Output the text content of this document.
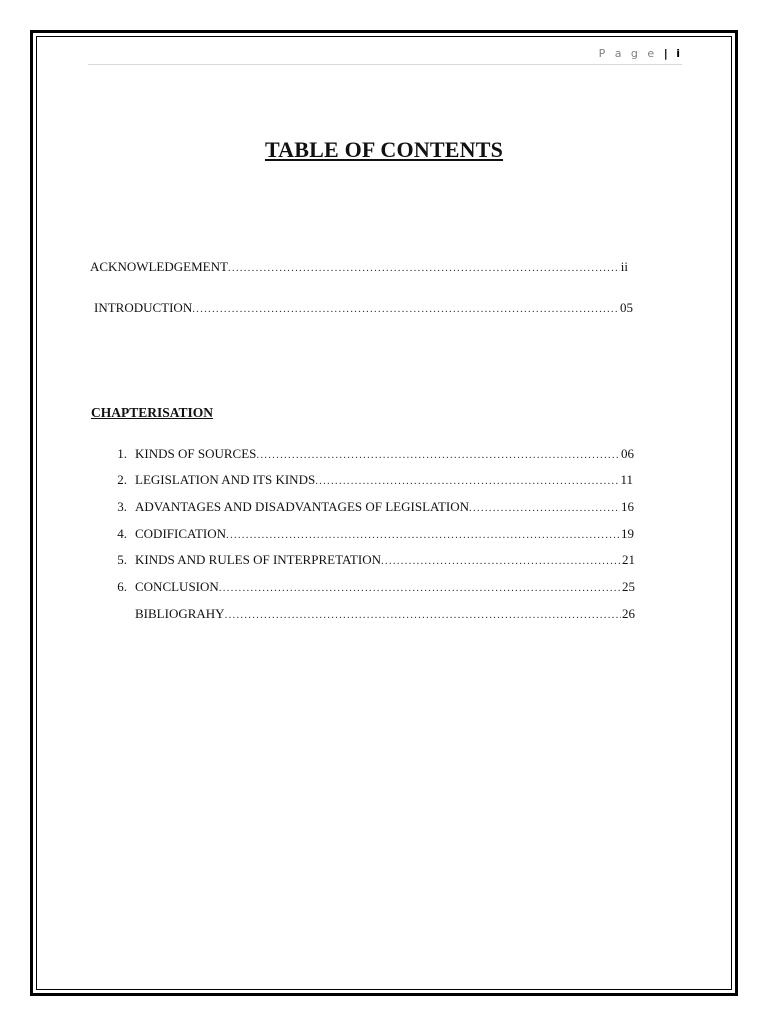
P a g e | i
TABLE OF CONTENTS
ACKNOWLEDGEMENT .....	ii
INTRODUCTION .....	05
CHAPTERISATION
1. KINDS OF SOURCES .....	06
2. LEGISLATION AND ITS KINDS .....	11
3. ADVANTAGES AND DISADVANTAGES OF LEGISLATION .....	16
4. CODIFICATION .....	19
5. KINDS AND RULES OF INTERPRETATION .....	21
6. CONCLUSION .....	25
BIBLIOGRAHY .....	26
